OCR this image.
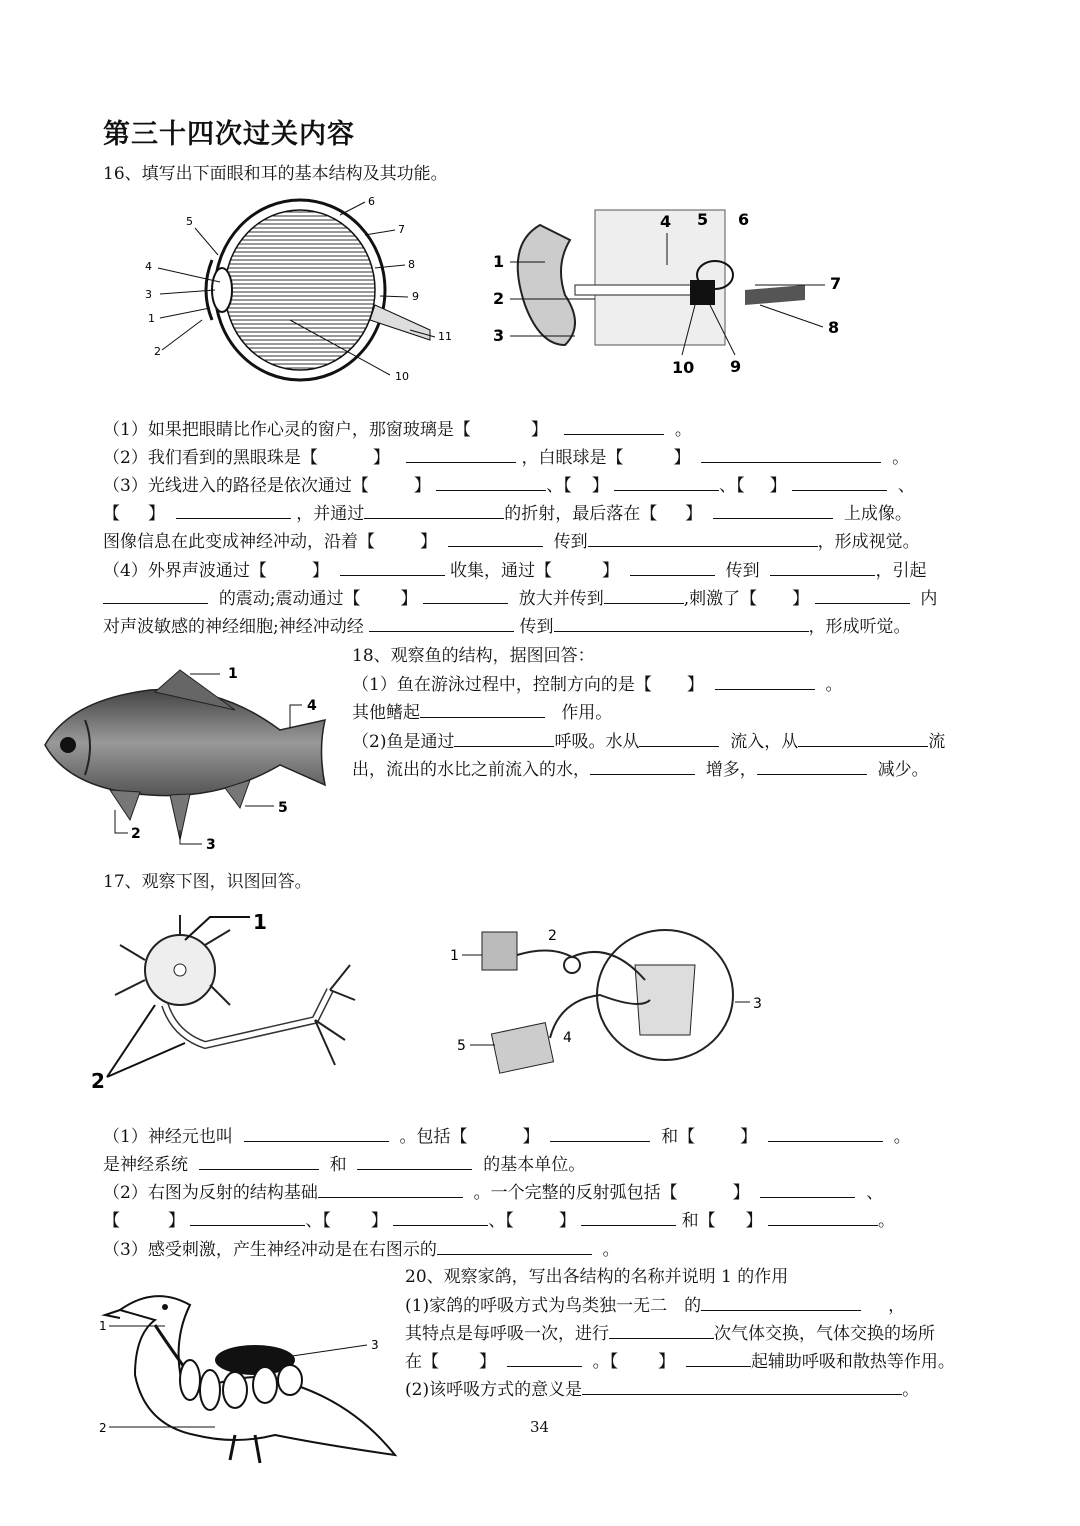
第三十四次过关内容
16、填写出下面眼和耳的基本结构及其功能。
1
2
3
4
5
6
7
8
9
10
11
1
2
3
4 5 6
7
8
9
10
（1）如果把眼睛比作心灵的窗户，那窗玻璃是【	】	。
（2）我们看到的黑眼珠是【	】	，白眼球是【	】	。
（3）光线进入的路径是依次通过【	】	、【 】	、【 】	、
【 】	，并通过	的折射，最后落在【 】	上成像。
图像信息在此变成神经冲动，沿着【	】	传到	，形成视觉。
（4）外界声波通过【	】	收集，通过【	】	传到	，引起
的震动;震动通过【 】	放大并传到	,刺激了【 】	内
对声波敏感的神经细胞;神经冲动经	传到	，形成听觉。
1
2
3
4
5
18、观察鱼的结构，据图回答：
（1）鱼在游泳过程中，控制方向的是【 】	。
其他鳍起	作用。
（2)鱼是通过	呼吸。水从	流入，从	流
出，流出的水比之前流入的水，	增多，	减少。
17、观察下图，识图回答。
1
2
1
2
3
4
5
（1）神经元也叫	。包括【	】	和【	】	。
是神经系统	和	的基本单位。
（2）右图为反射的结构基础	。一个完整的反射弧包括【	】	、
【	】	、【 】	、【	】	和【 】	。
（3）感受刺激，产生神经冲动是在右图示的	。
1
2
3
20、观察家鸽，写出各结构的名称并说明 1 的作用
(1)家鸽的呼吸方式为鸟类独一无二　的	，
其特点是每呼吸一次，进行	次气体交换，气体交换的场所
在【 】	。【 】	起辅助呼吸和散热等作用。
(2)该呼吸方式的意义是	。
34
